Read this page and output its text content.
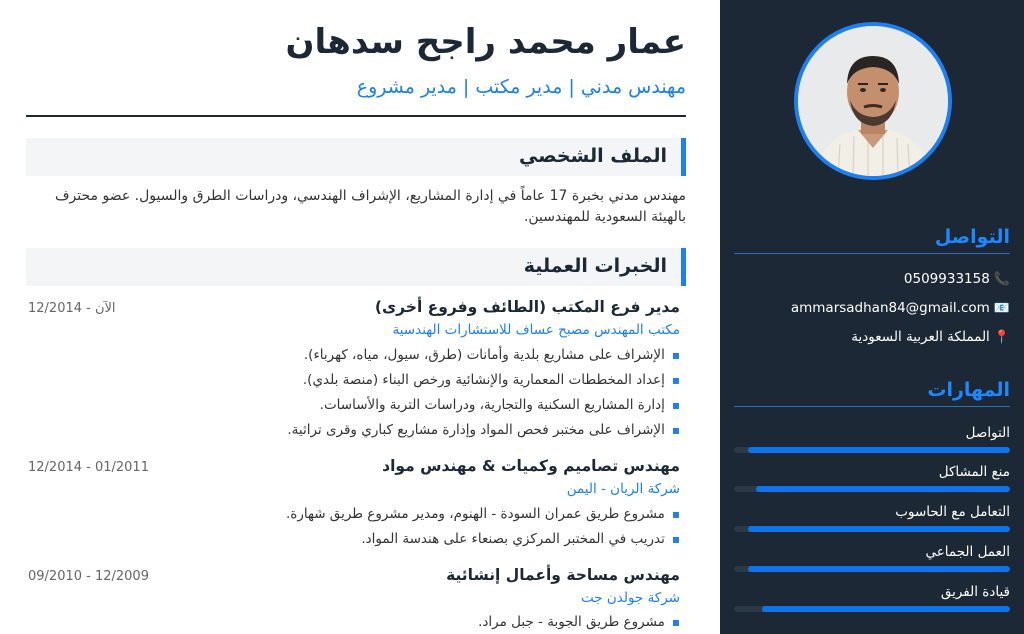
عمار محمد راجح سدهان
مهندس مدني | مدير مكتب | مدير مشروع
الملف الشخصي
مهندس مدني بخبرة 17 عاماً في إدارة المشاريع، الإشراف الهندسي، ودراسات الطرق والسيول. عضو محترف بالهيئة السعودية للمهندسين.
الخبرات العملية
مدير فرع المكتب (الطائف وفروع أخرى)
12/2014 - الآن
مكتب المهندس مصبح عساف للاستشارات الهندسية
▪ الإشراف على مشاريع بلدية وأمانات (طرق، سيول، مياه، كهرباء).
▪ إعداد المخططات المعمارية والإنشائية ورخص البناء (منصة بلدي).
▪ إدارة المشاريع السكنية والتجارية، ودراسات التربة والأساسات.
▪ الإشراف على مختبر فحص المواد وإدارة مشاريع كباري وقرى تراثية.
مهندس تصاميم وكميات & مهندس مواد
12/2014 - 01/2011
شركة الريان - اليمن
▪ مشروع طريق عمران السودة - الهنوم، ومدير مشروع طريق شهارة.
▪ تدريب في المختبر المركزي بصنعاء على هندسة المواد.
مهندس مساحة وأعمال إنشائية
09/2010 - 12/2009
شركة جولدن جت
▪ مشروع طريق الجوبة - جبل مراد.
التواصل
📞0509933158
📧ammarsadhan84@gmail.com
📍المملكة العربية السعودية
المهارات
التواصل
منع المشاكل
التعامل مع الحاسوب
العمل الجماعي
قيادة الفريق
